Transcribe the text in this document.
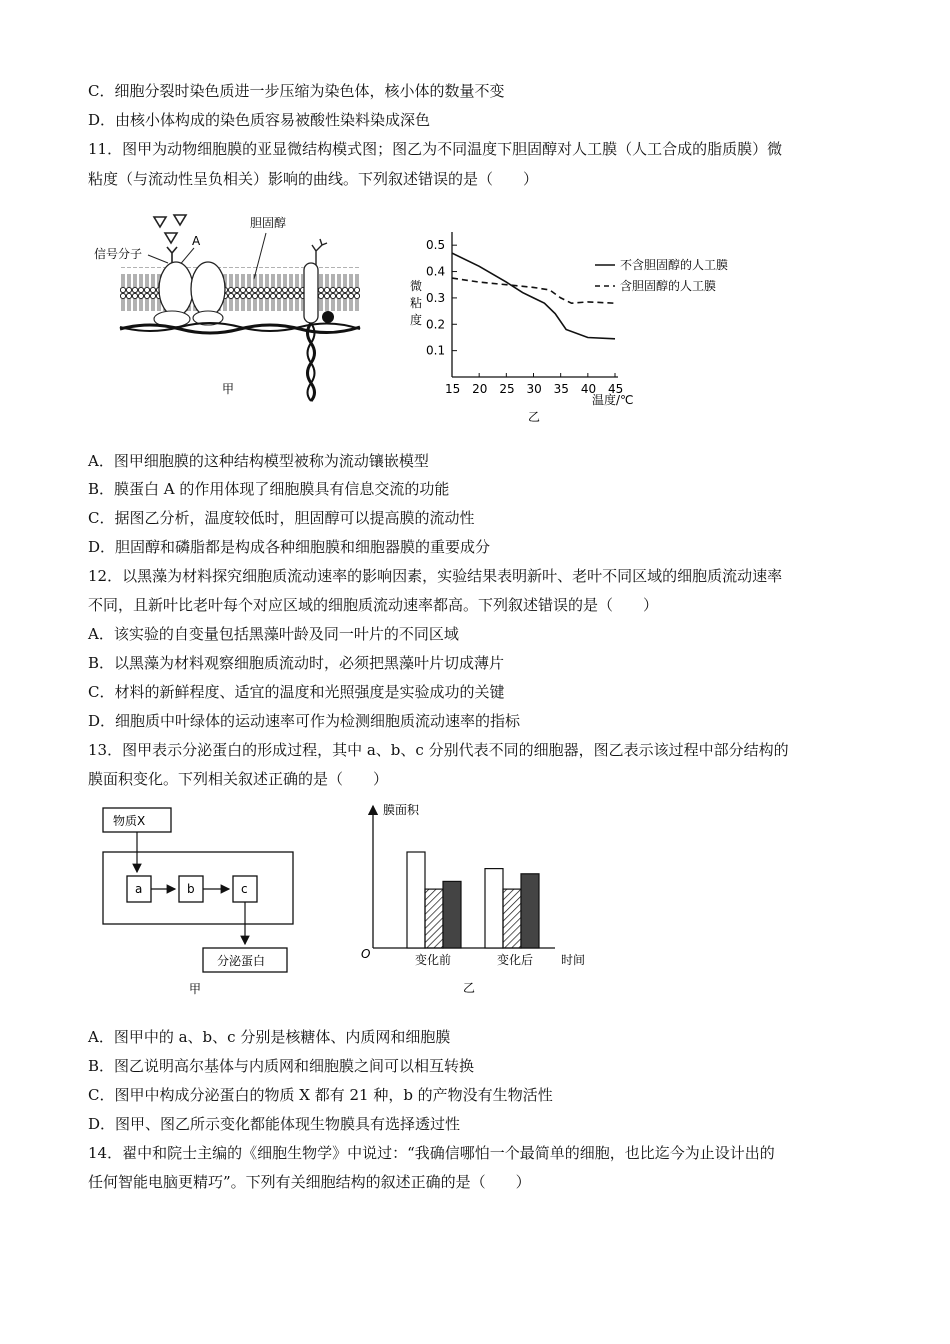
C．细胞分裂时染色质进一步压缩为染色体，核小体的数量不变
D．由核小体构成的染色质容易被酸性染料染成深色
11．图甲为动物细胞膜的亚显微结构模式图；图乙为不同温度下胆固醇对人工膜（人工合成的脂质膜）微
粘度（与流动性呈负相关）影响的曲线。下列叙述错误的是（　　）
信号分子
A
胆固醇
甲
0.1
0.2
0.3
0.4
0.5
15 20 25 30 35 40 45
微
粘
度
温度/℃
不含胆固醇的人工膜
含胆固醇的人工膜
乙
A．图甲细胞膜的这种结构模型被称为流动镶嵌模型
B．膜蛋白 A 的作用体现了细胞膜具有信息交流的功能
C．据图乙分析，温度较低时，胆固醇可以提高膜的流动性
D．胆固醇和磷脂都是构成各种细胞膜和细胞器膜的重要成分
12．以黑藻为材料探究细胞质流动速率的影响因素，实验结果表明新叶、老叶不同区域的细胞质流动速率
不同，且新叶比老叶每个对应区域的细胞质流动速率都高。下列叙述错误的是（　　）
A．该实验的自变量包括黑藻叶龄及同一叶片的不同区域
B．以黑藻为材料观察细胞质流动时，必须把黑藻叶片切成薄片
C．材料的新鲜程度、适宜的温度和光照强度是实验成功的关键
D．细胞质中叶绿体的运动速率可作为检测细胞质流动速率的指标
13．图甲表示分泌蛋白的形成过程，其中 a、b、c 分别代表不同的细胞器，图乙表示该过程中部分结构的
膜面积变化。下列相关叙述正确的是（　　）
物质X
a	b	c
分泌蛋白
甲
膜面积
O	时间
变化前	变化后
乙
A．图甲中的 a、b、c 分别是核糖体、内质网和细胞膜
B．图乙说明高尔基体与内质网和细胞膜之间可以相互转换
C．图甲中构成分泌蛋白的物质 X 都有 21 种，b 的产物没有生物活性
D．图甲、图乙所示变化都能体现生物膜具有选择透过性
14．翟中和院士主编的《细胞生物学》中说过：“我确信哪怕一个最简单的细胞，也比迄今为止设计出的
任何智能电脑更精巧”。下列有关细胞结构的叙述正确的是（　　）
